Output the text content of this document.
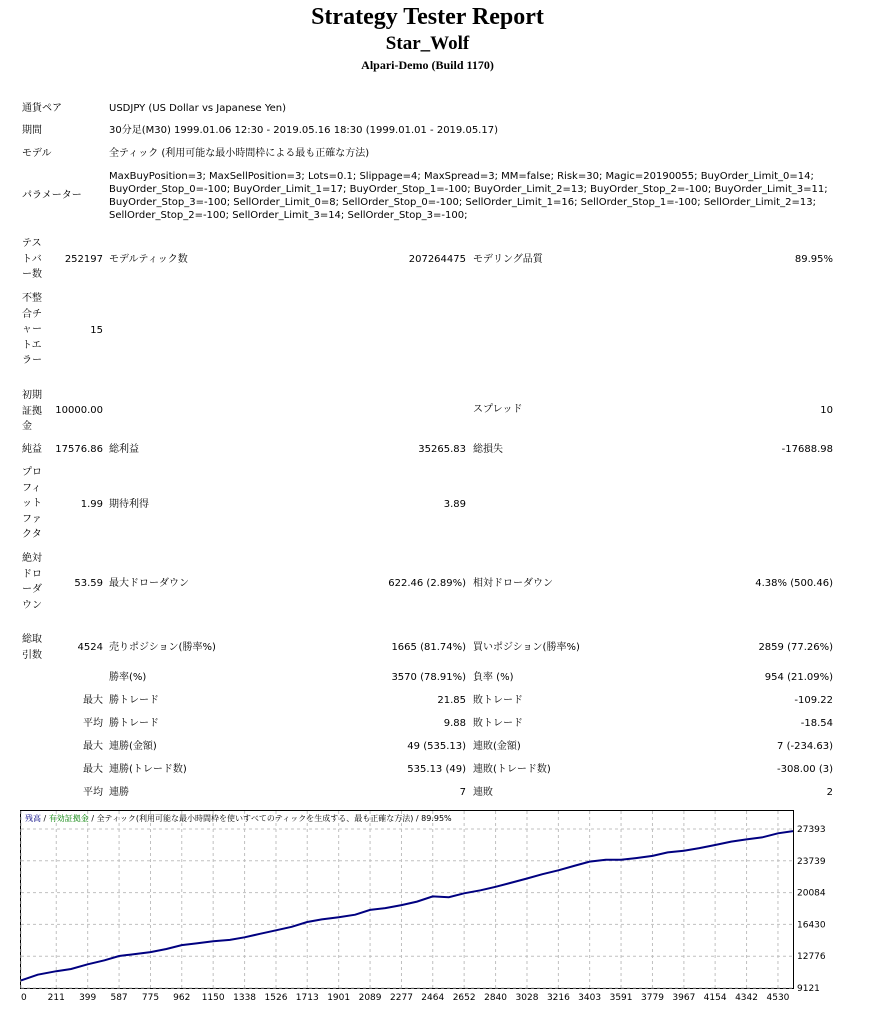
Strategy Tester Report
Star_Wolf
Alpari-Demo (Build 1170)
通貨ペア	USDJPY (US Dollar vs Japanese Yen)
期間	30分足(M30) 1999.01.06 12:30 - 2019.05.16 18:30 (1999.01.01 - 2019.05.17)
モデル	全ティック (利用可能な最小時間枠による最も正確な方法)
パラメーター
MaxBuyPosition=3; MaxSellPosition=3; Lots=0.1; Slippage=4; MaxSpread=3; MM=false; Risk=30; Magic=20190055; BuyOrder_Limit_0=14;
BuyOrder_Stop_0=-100; BuyOrder_Limit_1=17; BuyOrder_Stop_1=-100; BuyOrder_Limit_2=13; BuyOrder_Stop_2=-100; BuyOrder_Limit_3=11;
BuyOrder_Stop_3=-100; SellOrder_Limit_0=8; SellOrder_Stop_0=-100; SellOrder_Limit_1=16; SellOrder_Stop_1=-100; SellOrder_Limit_2=13;
SellOrder_Stop_2=-100; SellOrder_Limit_3=14; SellOrder_Stop_3=-100;
テストバー数
252197 モデルティック数	207264475 モデリング品質	89.95%
不整合チャートエラー
15
初期証拠金
10000.00	スプレッド	10
純益	17576.86 総利益	35265.83 総損失	-17688.98
プロフィットファクタ
1.99 期待利得	3.89
絶対ドローダウン
53.59 最大ドローダウン	622.46 (2.89%) 相対ドローダウン	4.38% (500.46)
総取引数
4524 売りポジション(勝率%)	1665 (81.74%) 買いポジション(勝率%)	2859 (77.26%)
勝率(%)	3570 (78.91%) 負率 (%)	954 (21.09%)
最大 勝トレード	21.85 敗トレード	-109.22
平均 勝トレード	9.88 敗トレード	-18.54
最大 連勝(金額)	49 (535.13) 連敗(金額)	7 (-234.63)
最大 連勝(トレード数)	535.13 (49) 連敗(トレード数)	-308.00 (3)
平均 連勝	7 連敗	2
27393
23739
20084
16430
12776
9121
0 211 399 587 775 962 1150 1338 1526 1713 1901 2089 2277 2464 2652 2840 3028 3216 3403 3591 3779 3967 4154 4342 4530
残高 / 有効証拠金 / 全ティック(利用可能な最小時間枠を使いすべてのティックを生成する、最も正確な方法) / 89.95%
